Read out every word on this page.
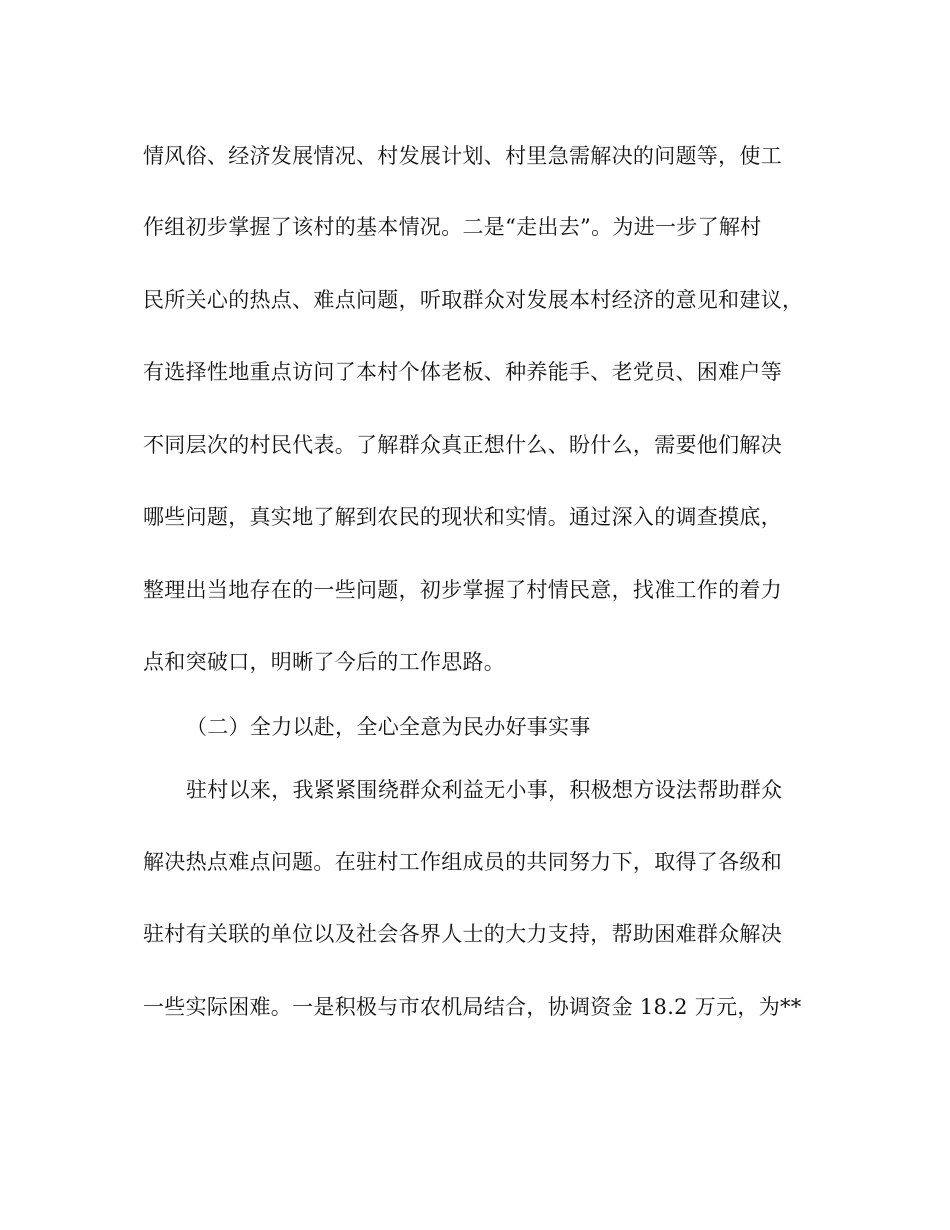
情风俗、经济发展情况、村发展计划、村里急需解决的问题等，使工
作组初步掌握了该村的基本情况。二是“走出去”。为进一步了解村
民所关心的热点、难点问题，听取群众对发展本村经济的意见和建议，
有选择性地重点访问了本村个体老板、种养能手、老党员、困难户等
不同层次的村民代表。了解群众真正想什么、盼什么，需要他们解决
哪些问题，真实地了解到农民的现状和实情。通过深入的调查摸底，
整理出当地存在的一些问题，初步掌握了村情民意，找准工作的着力
点和突破口，明晰了今后的工作思路。
（二）全力以赴，全心全意为民办好事实事
驻村以来，我紧紧围绕群众利益无小事，积极想方设法帮助群众
解决热点难点问题。在驻村工作组成员的共同努力下，取得了各级和
驻村有关联的单位以及社会各界人士的大力支持，帮助困难群众解决
一些实际困难。一是积极与市农机局结合，协调资金 18.2 万元，为**
